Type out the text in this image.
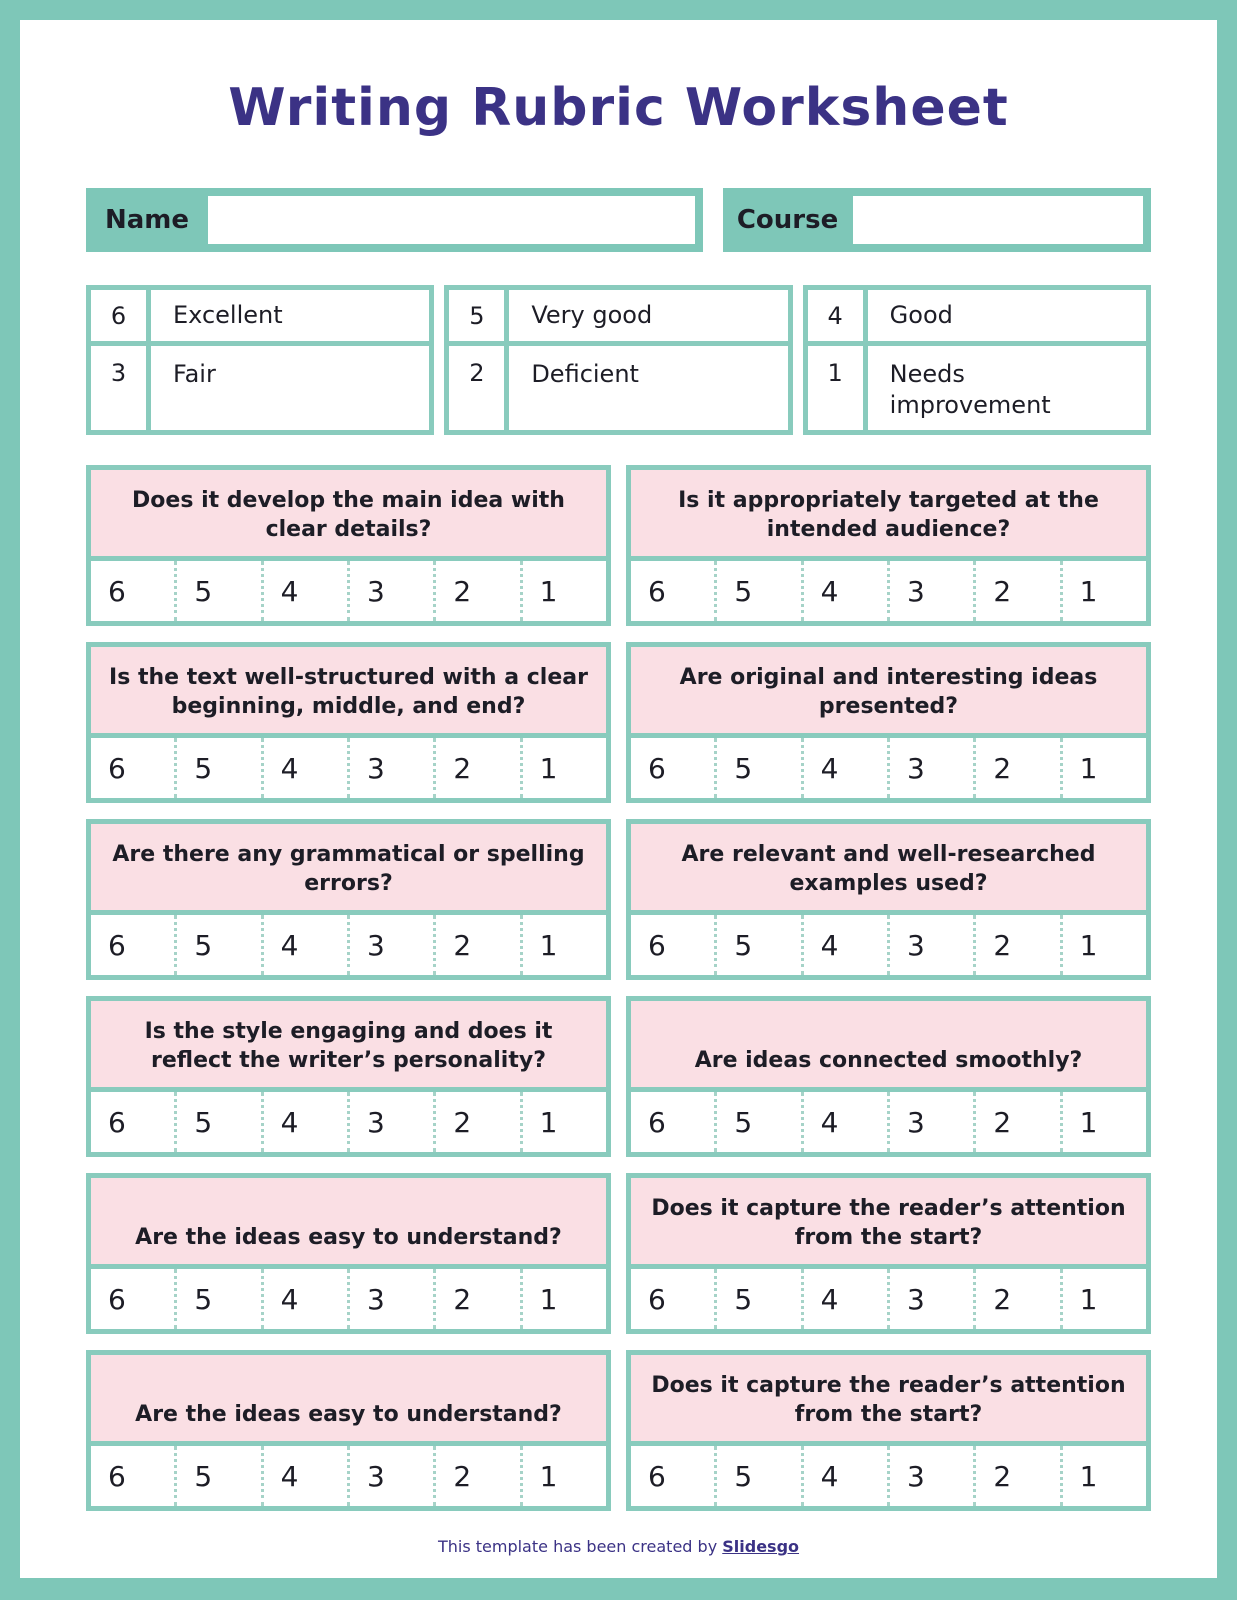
Writing Rubric Worksheet
Name	Course
6	Excellent	5	Very good	4	Good
3	Fair	2	Deficient	1	Needs improvement
Does it develop the main idea with clear details?
6	5	4	3	2	1
Is it appropriately targeted at the intended audience?
6	5	4	3	2	1
Is the text well-structured with a clear beginning, middle, and end?
6	5	4	3	2	1
Are original and interesting ideas presented?
6	5	4	3	2	1
Are there any grammatical or spelling errors?
6	5	4	3	2	1
Are relevant and well-researched examples used?
6	5	4	3	2	1
Is the style engaging and does it reflect the writer’s personality?
6	5	4	3	2	1
Are ideas connected smoothly?
6	5	4	3	2	1
Are the ideas easy to understand?
6	5	4	3	2	1
Does it capture the reader’s attention from the start?
6	5	4	3	2	1
Are the ideas easy to understand?
6	5	4	3	2	1
Does it capture the reader’s attention from the start?
6	5	4	3	2	1
This template has been created by Slidesgo
